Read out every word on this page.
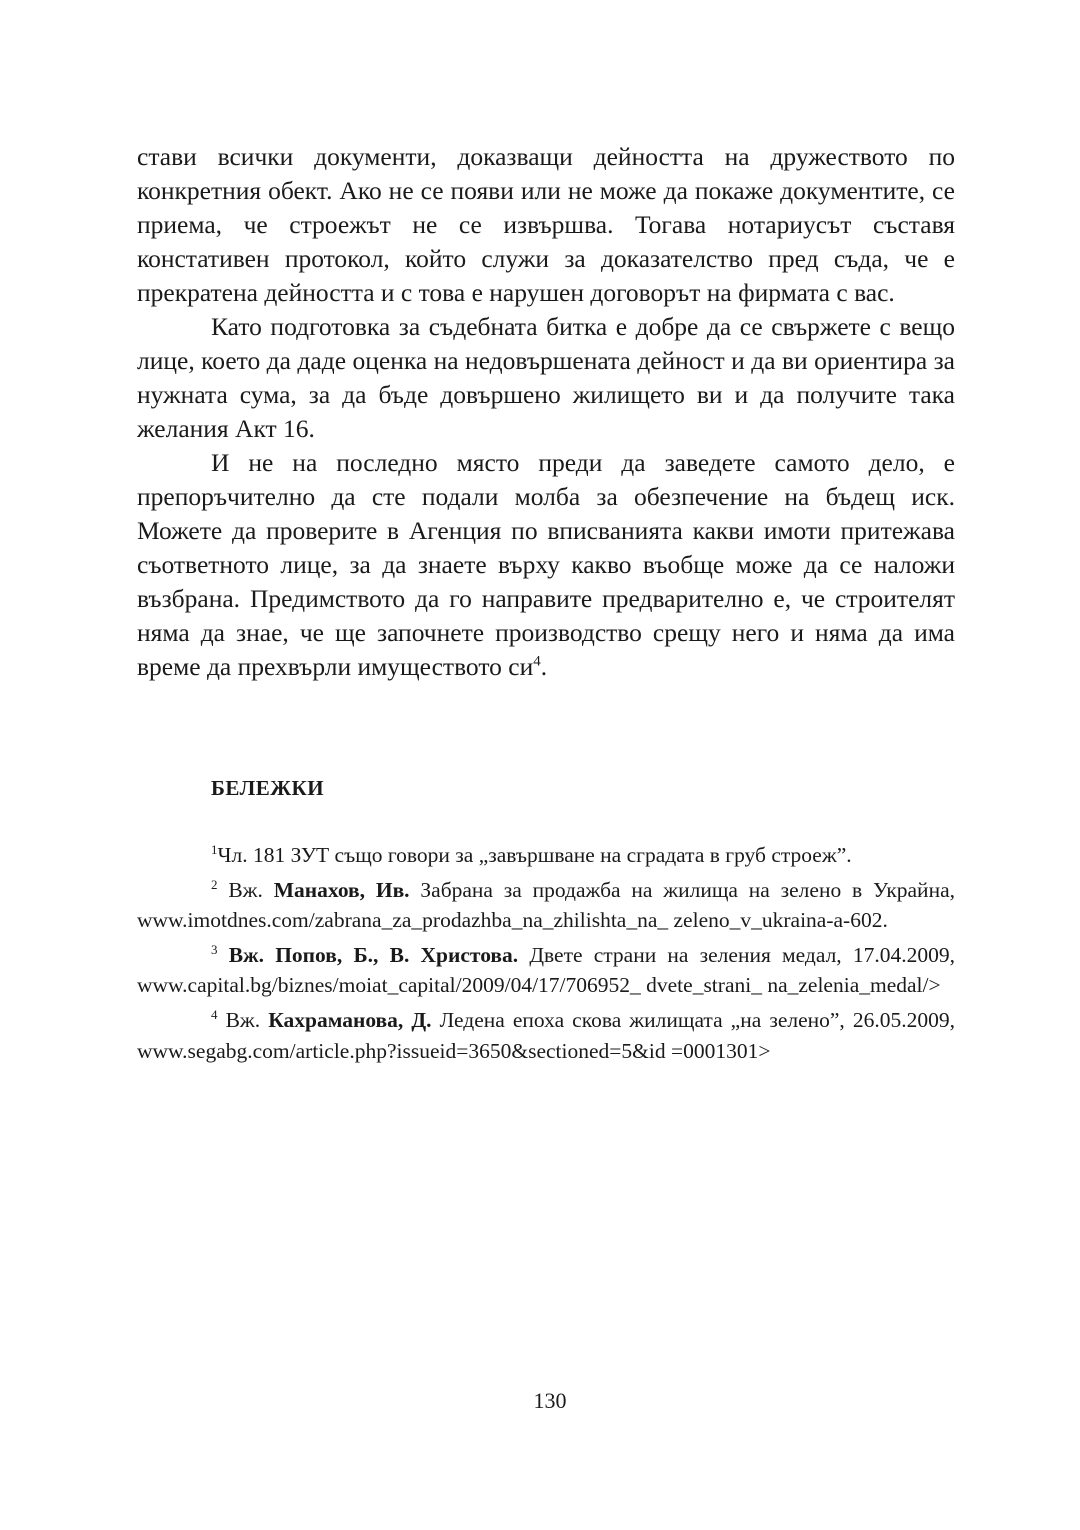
стави всички документи, доказващи дейността на дружеството по конкретния обект. Ако не се появи или не може да покаже документите, се приема, че строежът не се извършва. Тогава нотариусът съставя констативен протокол, който служи за доказателство пред съда, че е прекратена дейността и с това е нарушен договорът на фирмата с вас.

Като подготовка за съдебната битка е добре да се свържете с вещо лице, което да даде оценка на недовършената дейност и да ви ориентира за нужната сума, за да бъде довършено жилището ви и да получите така желания Акт 16.

И не на последно място преди да заведете самото дело, е препоръчително да сте подали молба за обезпечение на бъдещ иск. Можете да проверите в Агенция по вписванията какви имоти притежава съответното лице, за да знаете върху какво въобще може да се наложи възбрана. Предимството да го направите предварително е, че строителят няма да знае, че ще започнете производство срещу него и няма да има време да прехвърли имуществото си$^4$.

БЕЛЕЖКИ

$^1$Чл. 181 ЗУТ също говори за „завършване на сградата в груб строеж”.

$^2$ Вж. Манахов, Ив. Забрана за продажба на жилища на зелено в Украйна, www.imotdnes.com/zabrana_za_prodazhba_na_zhilishta_na_ zeleno_v_ukraina-a-602.

$^3$ Вж. Попов, Б., В. Христова. Двете страни на зеления медал, 17.04.2009, www.capital.bg/biznes/moiat_capital/2009/04/17/706952_ dvete_strani_ na_zelenia_medal/>

$^4$ Вж. Кахраманова, Д. Ледена епоха скова жилищата „на зелено”, 26.05.2009, www.segabg.com/article.php?issueid=3650&sectioned=5&id =0001301>

130
